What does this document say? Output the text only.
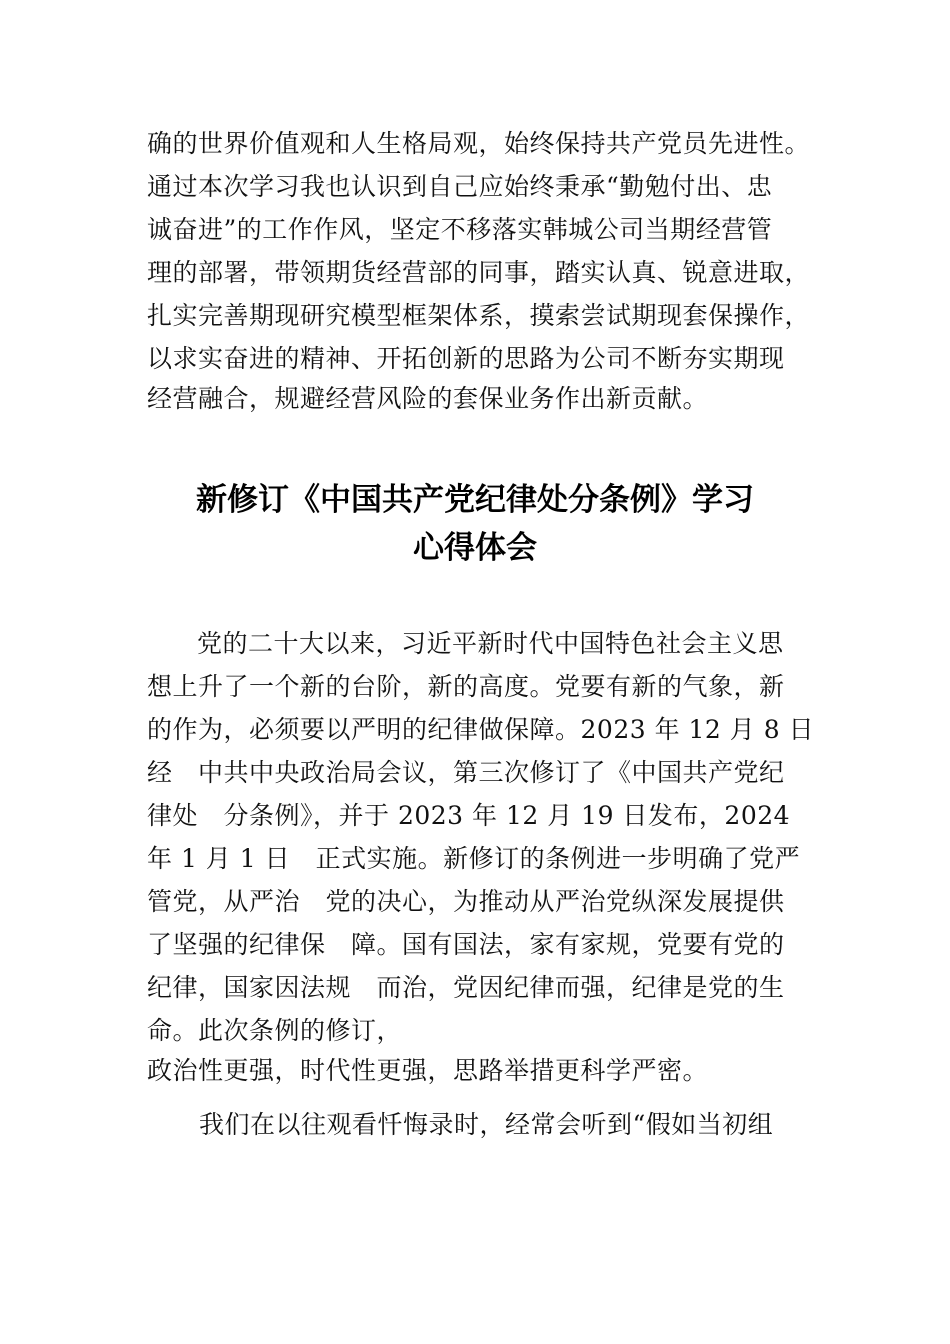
确的世界价值观和人生格局观，始终保持共产党员先进性。
通过本次学习我也认识到自己应始终秉承“勤勉付出、忠
诚奋进”的工作作风，坚定不移落实韩城公司当期经营管
理的部署，带领期货经营部的同事，踏实认真、锐意进取，
扎实完善期现研究模型框架体系，摸索尝试期现套保操作，
以求实奋进的精神、开拓创新的思路为公司不断夯实期现
经营融合，规避经营风险的套保业务作出新贡献。
新修订《中国共产党纪律处分条例》学习
心得体会
党的二十大以来，习近平新时代中国特色社会主义思
想上升了一个新的台阶，新的高度。党要有新的气象，新
的作为，必须要以严明的纪律做保障。2023 年 12 月 8 日
经　中共中央政治局会议，第三次修订了《中国共产党纪
律处　分条例》，并于 2023 年 12 月 19 日发布，2024
年 1 月 1 日　正式实施。新修订的条例进一步明确了党严
管党，从严治　党的决心，为推动从严治党纵深发展提供
了坚强的纪律保　障。国有国法，家有家规，党要有党的
纪律，国家因法规　而治，党因纪律而强，纪律是党的生
命。此次条例的修订，
政治性更强，时代性更强，思路举措更科学严密。
我们在以往观看忏悔录时，经常会听到“假如当初组
